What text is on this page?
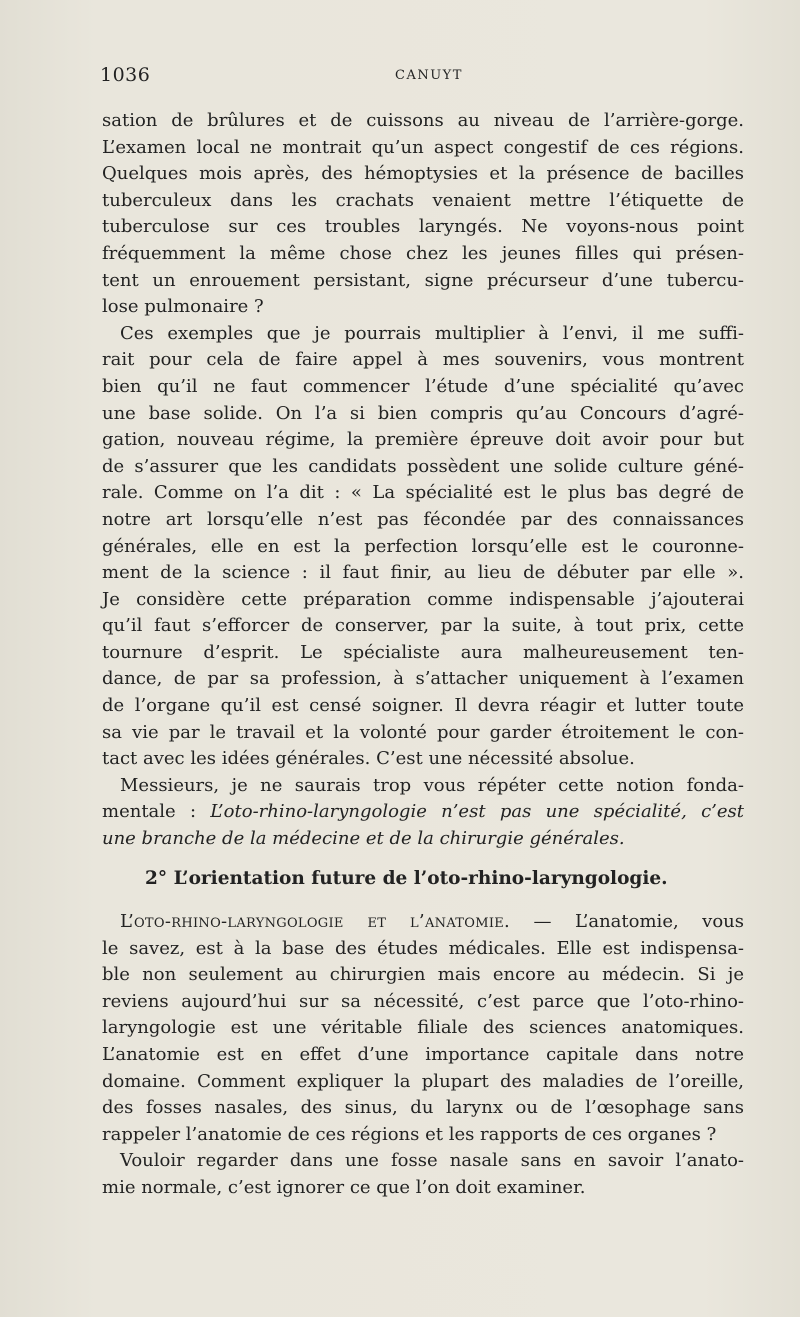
1036	CANUYT
sation de brûlures et de cuissons au niveau de l’arrière-gorge.
L’examen local ne montrait qu’un aspect congestif de ces régions.
Quelques mois après, des hémoptysies et la présence de bacilles
tuberculeux dans les crachats venaient mettre l’étiquette de
tuberculose sur ces troubles laryngés. Ne voyons-nous point
fréquemment la même chose chez les jeunes filles qui présen-
tent un enrouement persistant, signe précurseur d’une tubercu-
lose pulmonaire ?
Ces exemples que je pourrais multiplier à l’envi, il me suffi-
rait pour cela de faire appel à mes souvenirs, vous montrent
bien qu’il ne faut commencer l’étude d’une spécialité qu’avec
une base solide. On l’a si bien compris qu’au Concours d’agré-
gation, nouveau régime, la première épreuve doit avoir pour but
de s’assurer que les candidats possèdent une solide culture géné-
rale. Comme on l’a dit : « La spécialité est le plus bas degré de
notre art lorsqu’elle n’est pas fécondée par des connaissances
générales, elle en est la perfection lorsqu’elle est le couronne-
ment de la science : il faut finir, au lieu de débuter par elle ».
Je considère cette préparation comme indispensable j’ajouterai
qu’il faut s’efforcer de conserver, par la suite, à tout prix, cette
tournure d’esprit. Le spécialiste aura malheureusement ten-
dance, de par sa profession, à s’attacher uniquement à l’examen
de l’organe qu’il est censé soigner. Il devra réagir et lutter toute
sa vie par le travail et la volonté pour garder étroitement le con-
tact avec les idées générales. C’est une nécessité absolue.
Messieurs, je ne saurais trop vous répéter cette notion fonda-
mentale : L’oto-rhino-laryngologie n’est pas une spécialité, c’est
une branche de la médecine et de la chirurgie générales.
2° L’orientation future de l’oto-rhino-laryngologie.
L’oto-rhino-laryngologie et l’anatomie. — L’anatomie, vous
le savez, est à la base des études médicales. Elle est indispensa-
ble non seulement au chirurgien mais encore au médecin. Si je
reviens aujourd’hui sur sa nécessité, c’est parce que l’oto-rhino-
laryngologie est une véritable filiale des sciences anatomiques.
L’anatomie est en effet d’une importance capitale dans notre
domaine. Comment expliquer la plupart des maladies de l’oreille,
des fosses nasales, des sinus, du larynx ou de l’œsophage sans
rappeler l’anatomie de ces régions et les rapports de ces organes ?
Vouloir regarder dans une fosse nasale sans en savoir l’anato-
mie normale, c’est ignorer ce que l’on doit examiner.
